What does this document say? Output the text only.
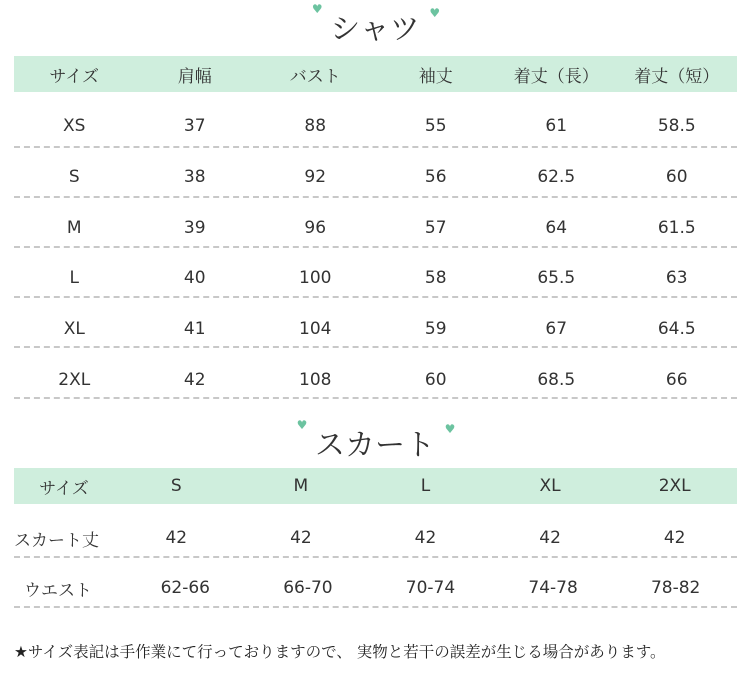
♥
シャツ ♥
サイズ	肩幅	バスト	袖丈	着丈（長）	着丈（短）
XS	37	88	55	61	58.5
S	38	92	56	62.5	60
M	39	96	57	64	61.5
L	40	100	58	65.5	63
XL	41	104	59	67	64.5
2XL	42	108	60	68.5	66
♥
スカート ♥
サイズ	S	M	L	XL	2XL
スカート丈	42	42	42	42	42
ウエスト	62-66	66-70	70-74	74-78	78-82
★サイズ表記は手作業にて行っておりますので、 実物と若干の誤差が生じる場合があります。
